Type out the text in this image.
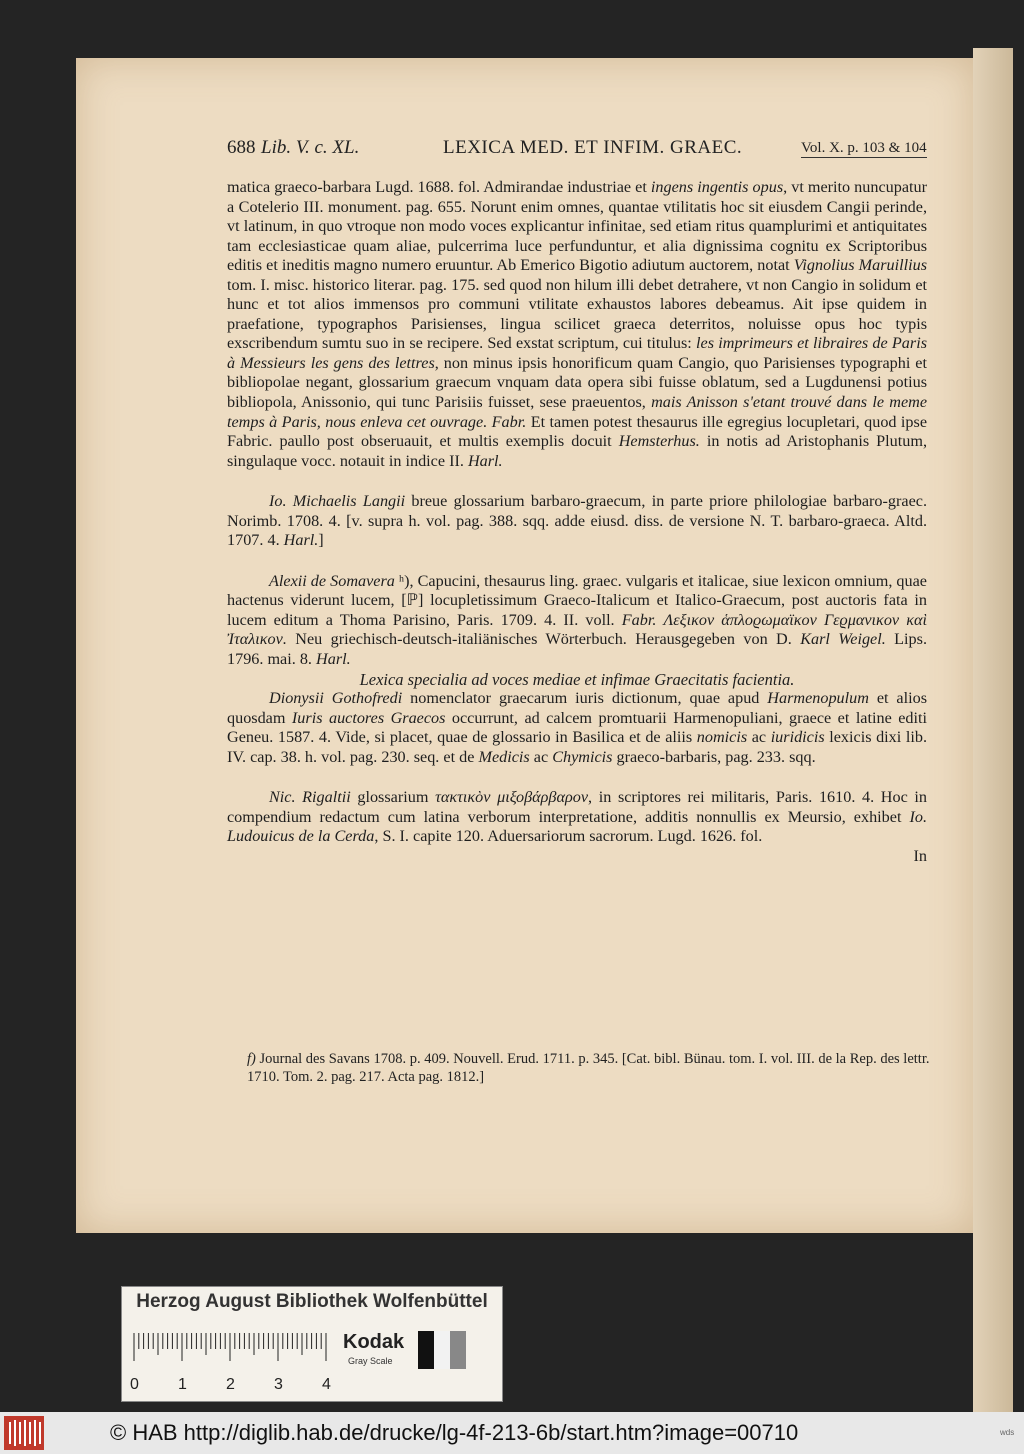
688 Lib. V. c. XL.	LEXICA MED. ET INFIM. GRAEC.	Vol. X. p. 103 & 104

matica graeco-barbara Lugd. 1688. fol. Admirandae industriae et ingens ingentis opus, vt merito nuncupatur a Cotelerio III. monument. pag. 655. Norunt enim omnes, quantae vtilitatis hoc sit eiusdem Cangii perinde, vt latinum, in quo vtroque non modo voces explicantur infinitae, sed etiam ritus quamplurimi et antiquitates tam ecclesiasticae quam aliae, pulcerrima luce perfunduntur, et alia dignissima cognitu ex Scriptoribus editis et ineditis magno numero eruuntur. Ab Emerico Bigotio adiutum auctorem, notat Vignolius Maruillius tom. I. misc. historico literar. pag. 175. sed quod non hilum illi debet detrahere, vt non Cangio in solidum et hunc et tot alios immensos pro communi vtilitate exhaustos labores debeamus. Ait ipse quidem in praefatione, typographos Parisienses, lingua scilicet graeca deterritos, noluisse opus hoc typis exscribendum sumtu suo in se recipere. Sed exstat scriptum, cui titulus: les imprimeurs et libraires de Paris à Messieurs les gens des lettres, non minus ipsis honorificum quam Cangio, quo Parisienses typographi et bibliopolae negant, glossarium graecum vnquam data opera sibi fuisse oblatum, sed a Lugdunensi potius bibliopola, Anissonio, qui tunc Parisiis fuisset, sese praeuentos, mais Anisson s'etant trouvé dans le meme temps à Paris, nous enleva cet ouvrage. Fabr. Et tamen potest thesaurus ille egregius locupletari, quod ipse Fabric. paullo post obseruauit, et multis exemplis docuit Hemsterhus. in notis ad Aristophanis Plutum, singulaque vocc. notauit in indice II. Harl.

Io. Michaelis Langii breue glossarium barbaro-graecum, in parte priore philologiae barbaro-graec. Norimb. 1708. 4. [v. supra h. vol. pag. 388. sqq. adde eiusd. diss. de versione N. T. barbaro-graeca. Altd. 1707. 4. Harl.]

Alexii de Somavera ʰ), Capucini, thesaurus ling. graec. vulgaris et italicae, siue lexicon omnium, quae hactenus viderunt lucem, [ℙ] locupletissimum Graeco-Italicum et Italico-Graecum, post auctoris fata in lucem editum a Thoma Parisino, Paris. 1709. 4. II. voll. Fabr. Λεξικον ἁπλοϱωμαϊκον Γεϱμανικον καὶ Ἰταλικον. Neu griechisch-deutsch-italiänisches Wörterbuch. Herausgegeben von D. Karl Weigel. Lips. 1796. mai. 8. Harl.

Lexica specialia ad voces mediae et infimae Graecitatis facientia.

Dionysii Gothofredi nomenclator graecarum iuris dictionum, quae apud Harmenopulum et alios quosdam Iuris auctores Graecos occurrunt, ad calcem promtuarii Harmenopuliani, graece et latine editi Geneu. 1587. 4. Vide, si placet, quae de glossario in Basilica et de aliis nomicis ac iuridicis lexicis dixi lib. IV. cap. 38. h. vol. pag. 230. seq. et de Medicis ac Chymicis graeco-barbaris, pag. 233. sqq.

Nic. Rigaltii glossarium τακτικὸν μιξοβάρβαρον, in scriptores rei militaris, Paris. 1610. 4. Hoc in compendium redactum cum latina verborum interpretatione, additis nonnullis ex Meursio, exhibet Io. Ludouicus de la Cerda, S. I. capite 120. Aduersariorum sacrorum. Lugd. 1626. fol.

In

f) Journal des Savans 1708. p. 409. Nouvell. Erud. 1711. p. 345. [Cat. bibl. Bünau. tom. I. vol. III. de la Rep. des lettr. 1710. Tom. 2. pag. 217. Acta pag. 1812.]
Herzog August Bibliothek Wolfenbüttel
0 1 2 3 4
Kodak
Gray Scale
© HAB http://diglib.hab.de/drucke/lg-4f-213-6b/start.htm?image=00710	wds
